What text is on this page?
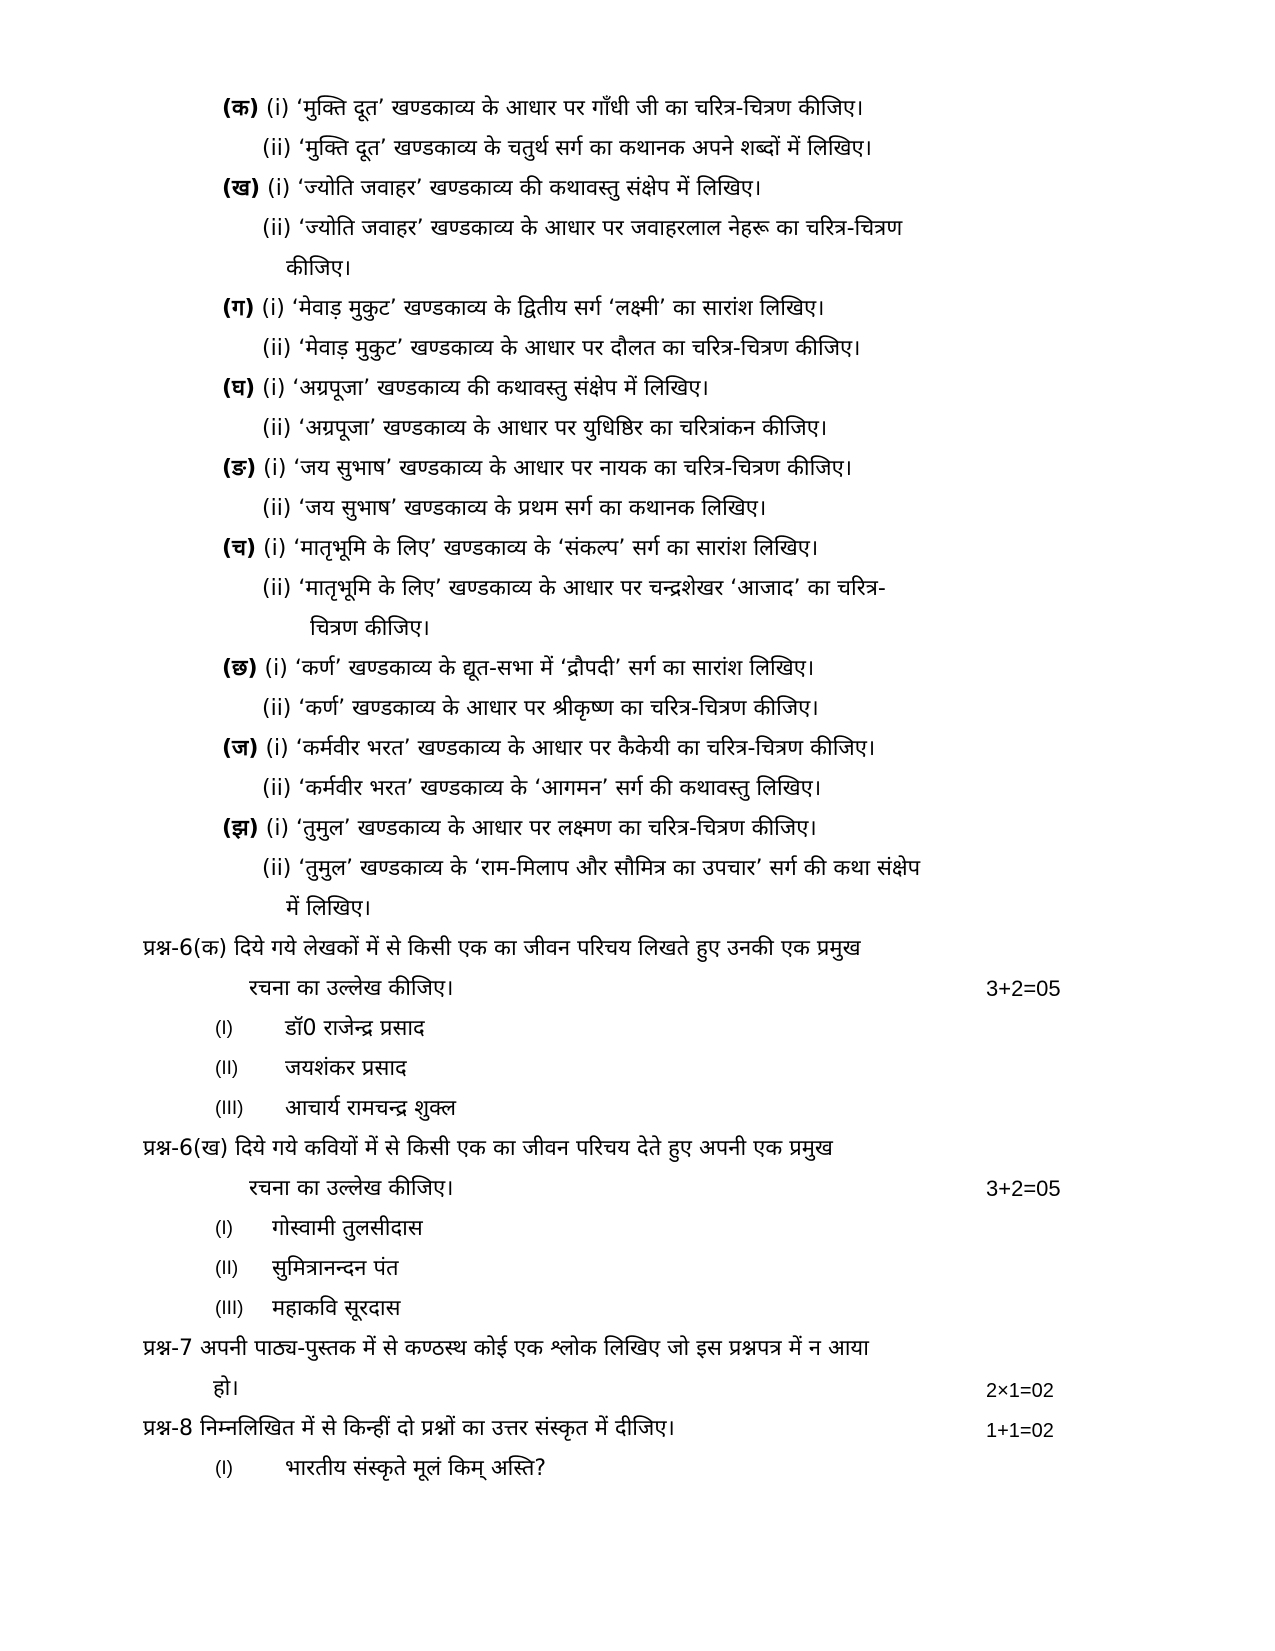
(क) (i) ‘मुक्ति दूत’ खण्डकाव्य के आधार पर गाँधी जी का चरित्र-चित्रण कीजिए।
(ii) ‘मुक्ति दूत’ खण्डकाव्य के चतुर्थ सर्ग का कथानक अपने शब्दों में लिखिए।
(ख) (i) ‘ज्योति जवाहर’ खण्डकाव्य की कथावस्तु संक्षेप में लिखिए।
(ii) ‘ज्योति जवाहर’ खण्डकाव्य के आधार पर जवाहरलाल नेहरू का चरित्र-चित्रण
कीजिए।
(ग) (i) ‘मेवाड़ मुकुट’ खण्डकाव्य के द्वितीय सर्ग ‘लक्ष्मी’ का सारांश लिखिए।
(ii) ‘मेवाड़ मुकुट’ खण्डकाव्य के आधार पर दौलत का चरित्र-चित्रण कीजिए।
(घ) (i) ‘अग्रपूजा’ खण्डकाव्य की कथावस्तु संक्षेप में लिखिए।
(ii) ‘अग्रपूजा’ खण्डकाव्य के आधार पर युधिष्ठिर का चरित्रांकन कीजिए।
(ङ) (i) ‘जय सुभाष’ खण्डकाव्य के आधार पर नायक का चरित्र-चित्रण कीजिए।
(ii) ‘जय सुभाष’ खण्डकाव्य के प्रथम सर्ग का कथानक लिखिए।
(च) (i) ‘मातृभूमि के लिए’ खण्डकाव्य के ‘संकल्प’ सर्ग का सारांश लिखिए।
(ii) ‘मातृभूमि के लिए’ खण्डकाव्य के आधार पर चन्द्रशेखर ‘आजाद’ का चरित्र-
चित्रण कीजिए।
(छ) (i) ‘कर्ण’ खण्डकाव्य के द्यूत-सभा में ‘द्रौपदी’ सर्ग का सारांश लिखिए।
(ii) ‘कर्ण’ खण्डकाव्य के आधार पर श्रीकृष्ण का चरित्र-चित्रण कीजिए।
(ज) (i) ‘कर्मवीर भरत’ खण्डकाव्य के आधार पर कैकेयी का चरित्र-चित्रण कीजिए।
(ii) ‘कर्मवीर भरत’ खण्डकाव्य के ‘आगमन’ सर्ग की कथावस्तु लिखिए।
(झ) (i) ‘तुमुल’ खण्डकाव्य के आधार पर लक्ष्मण का चरित्र-चित्रण कीजिए।
(ii) ‘तुमुल’ खण्डकाव्य के ‘राम-मिलाप और सौमित्र का उपचार’ सर्ग की कथा संक्षेप
में लिखिए।
प्रश्न-6(क) दिये गये लेखकों में से किसी एक का जीवन परिचय लिखते हुए उनकी एक प्रमुख
रचना का उल्लेख कीजिए।	3+2=05
(I) डॉ0 राजेन्द्र प्रसाद
(II) जयशंकर प्रसाद
(III) आचार्य रामचन्द्र शुक्ल
प्रश्न-6(ख) दिये गये कवियों में से किसी एक का जीवन परिचय देते हुए अपनी एक प्रमुख
रचना का उल्लेख कीजिए।	3+2=05
(I) गोस्वामी तुलसीदास
(II) सुमित्रानन्दन पंत
(III) महाकवि सूरदास
प्रश्न-7 अपनी पाठ्य-पुस्तक में से कण्ठस्थ कोई एक श्लोक लिखिए जो इस प्रश्नपत्र में न आया
हो।	2×1=02
प्रश्न-8 निम्नलिखित में से किन्हीं दो प्रश्नों का उत्तर संस्कृत में दीजिए।	1+1=02
(I) भारतीय संस्कृते मूलं किम् अस्ति?
